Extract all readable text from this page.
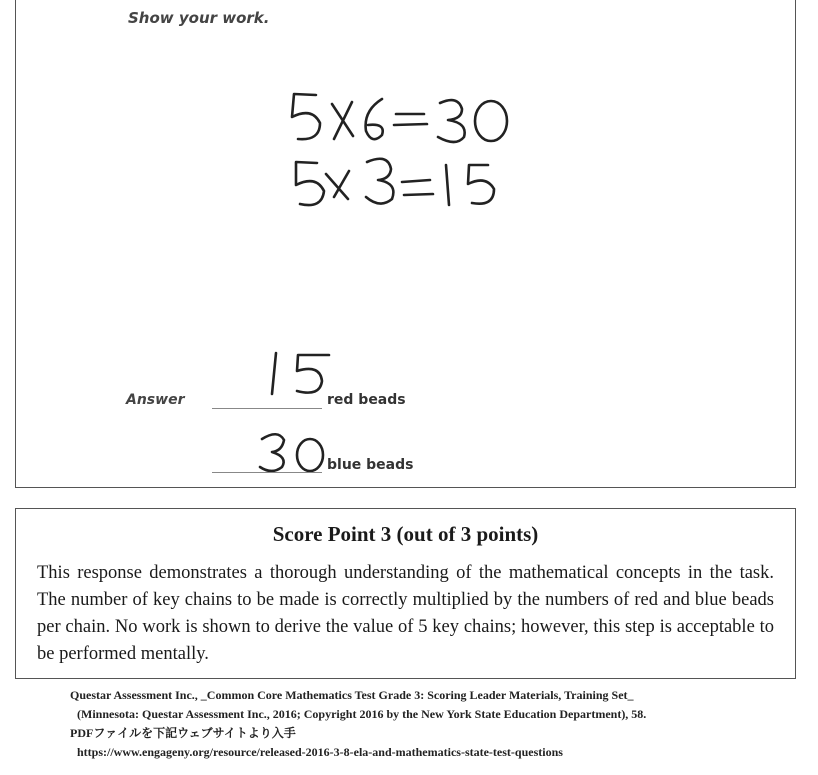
Show your work.
Answer	red beads
blue beads
Score Point 3 (out of 3 points)
This response demonstrates a thorough understanding of the mathematical concepts in the task. The number of key chains to be made is correctly multiplied by the numbers of red and blue beads per chain. No work is shown to derive the value of 5 key chains; however, this step is acceptable to be performed mentally.
Questar Assessment Inc., _Common Core Mathematics Test Grade 3: Scoring Leader Materials, Training Set_
(Minnesota: Questar Assessment Inc., 2016; Copyright 2016 by the New York State Education Department), 58.
PDFファイルを下記ウェブサイトより入手
https://www.engageny.org/resource/released-2016-3-8-ela-and-mathematics-state-test-questions
